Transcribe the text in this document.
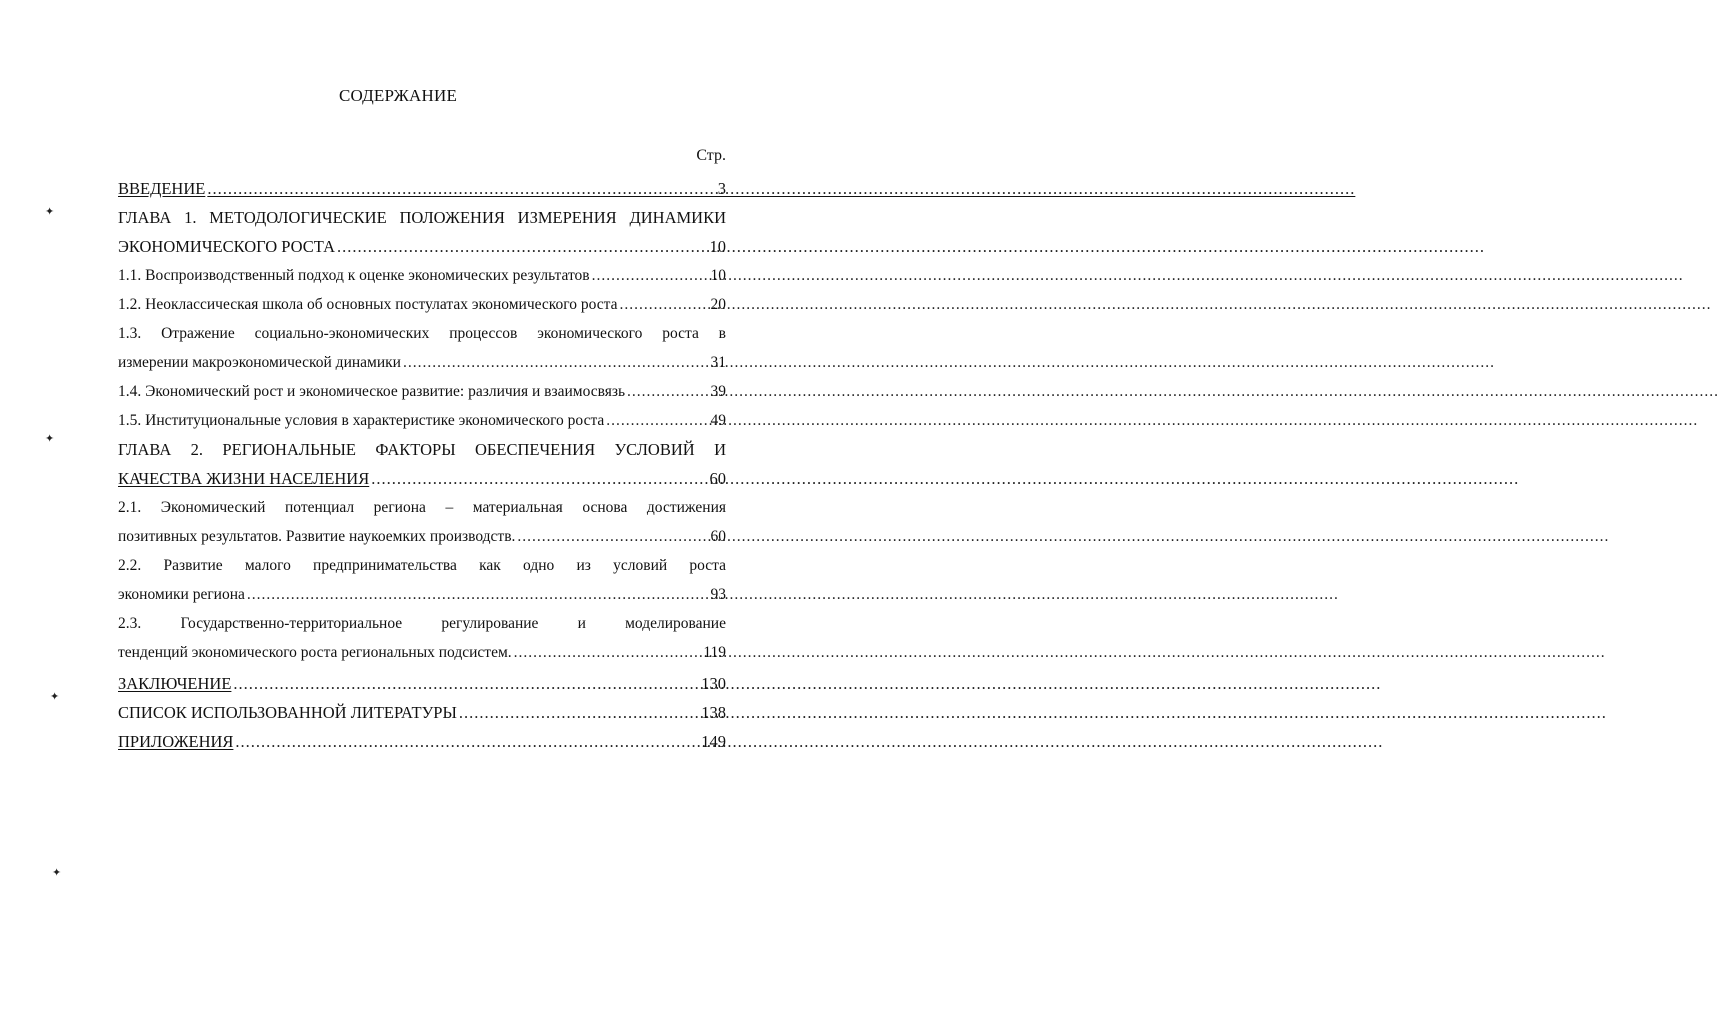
СОДЕРЖАНИЕ
Стр.
✦
✦
✦
✦
ВВЕДЕНИЕ .....	3
ГЛАВА 1. МЕТОДОЛОГИЧЕСКИЕ ПОЛОЖЕНИЯ ИЗМЕРЕНИЯ ДИНАМИКИ
ЭКОНОМИЧЕСКОГО РОСТА .....	10
1.1. Воспроизводственный подход к оценке экономических результатов .....	10
1.2. Неоклассическая школа об основных постулатах экономического роста .....	20
1.3. Отражение социально-экономических процессов экономического роста в
измерении макроэкономической динамики .....	31
1.4. Экономический рост и экономическое развитие: различия и взаимосвязь .....	39
1.5. Институциональные условия в характеристике экономического роста .....	49
ГЛАВА 2. РЕГИОНАЛЬНЫЕ ФАКТОРЫ ОБЕСПЕЧЕНИЯ УСЛОВИЙ И
КАЧЕСТВА ЖИЗНИ НАСЕЛЕНИЯ .....	60
2.1. Экономический потенциал региона – материальная основа достижения
позитивных результатов. Развитие наукоемких производств. .....	60
2.2. Развитие малого предпринимательства как одно из условий роста
экономики региона .....	93
2.3. Государственно-территориальное регулирование и моделирование
тенденций экономического роста региональных подсистем. .....	119
ЗАКЛЮЧЕНИЕ .....	130
СПИСОК ИСПОЛЬЗОВАННОЙ ЛИТЕРАТУРЫ .....	138
ПРИЛОЖЕНИЯ .....	149
